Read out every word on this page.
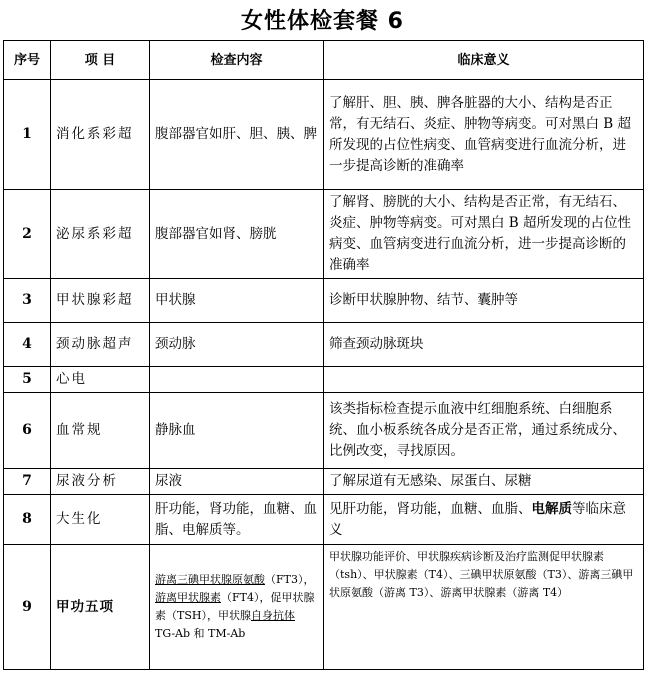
女性体检套餐 6
序号	项 目	检查内容	临床意义
1	消化系彩超	腹部器官如肝、胆、胰、脾	了解肝、胆、胰、脾各脏器的大小、结构是否正常，有无结石、炎症、肿物等病变。可对黑白 B 超所发现的占位性病变、血管病变进行血流分析，进一步提高诊断的准确率
2	泌尿系彩超	腹部器官如肾、膀胱	了解肾、膀胱的大小、结构是否正常，有无结石、炎症、肿物等病变。可对黑白 B 超所发现的占位性病变、血管病变进行血流分析，进一步提高诊断的准确率
3	甲状腺彩超	甲状腺	诊断甲状腺肿物、结节、囊肿等
4	颈动脉超声	颈动脉	筛查颈动脉斑块
5	心电		
6	血常规	静脉血	该类指标检查提示血液中红细胞系统、白细胞系统、血小板系统各成分是否正常，通过系统成分、比例改变，寻找原因。
7	尿液分析	尿液	了解尿道有无感染、尿蛋白、尿糖
8	大生化	肝功能，肾功能，血糖、血脂、电解质等。	见肝功能，肾功能，血糖、血脂、电解质等临床意义
9	甲功五项	游离三碘甲状腺原氨酸（FT3），游离甲状腺素（FT4），促甲状腺素（TSH），甲状腺自身抗体 TG-Ab 和 TM-Ab	甲状腺功能评价、甲状腺疾病诊断及治疗监测促甲状腺素（tsh）、甲状腺素（T4）、三碘甲状原氨酸（T3）、游离三碘甲状原氨酸（游离 T3）、游离甲状腺素（游离 T4）
